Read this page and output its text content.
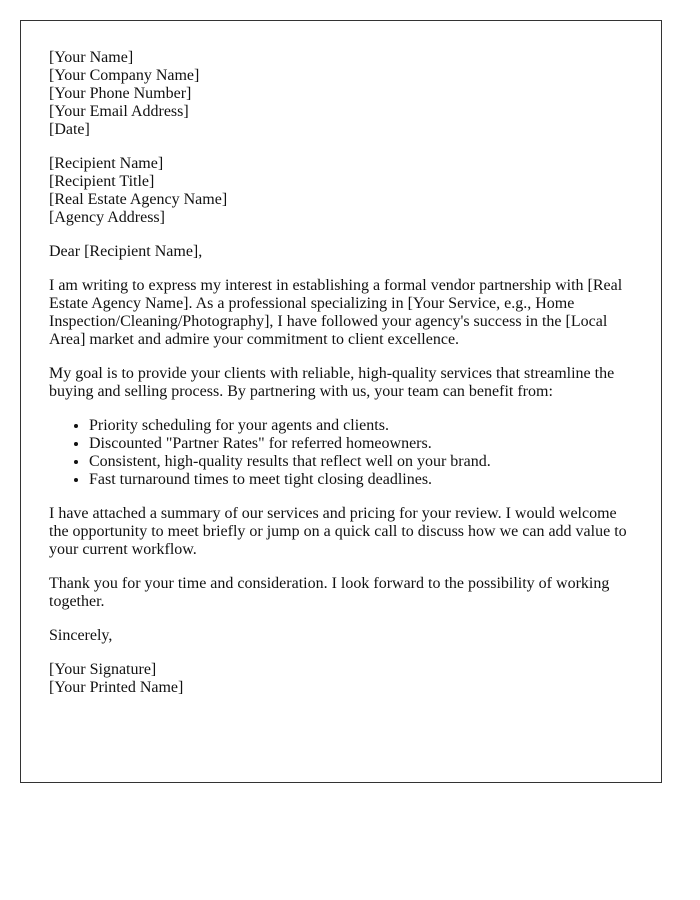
[Your Name]
[Your Company Name]
[Your Phone Number]
[Your Email Address]
[Date]
[Recipient Name]
[Recipient Title]
[Real Estate Agency Name]
[Agency Address]

Dear [Recipient Name],

I am writing to express my interest in establishing a formal vendor partnership with [Real Estate Agency Name]. As a professional specializing in [Your Service, e.g., Home Inspection/Cleaning/Photography], I have followed your agency's success in the [Local Area] market and admire your commitment to client excellence.

My goal is to provide your clients with reliable, high-quality services that streamline the buying and selling process. By partnering with us, your team can benefit from:

• Priority scheduling for your agents and clients.
• Discounted "Partner Rates" for referred homeowners.
• Consistent, high-quality results that reflect well on your brand.
• Fast turnaround times to meet tight closing deadlines.

I have attached a summary of our services and pricing for your review. I would welcome the opportunity to meet briefly or jump on a quick call to discuss how we can add value to your current workflow.

Thank you for your time and consideration. I look forward to the possibility of working together.

Sincerely,

[Your Signature]
[Your Printed Name]
